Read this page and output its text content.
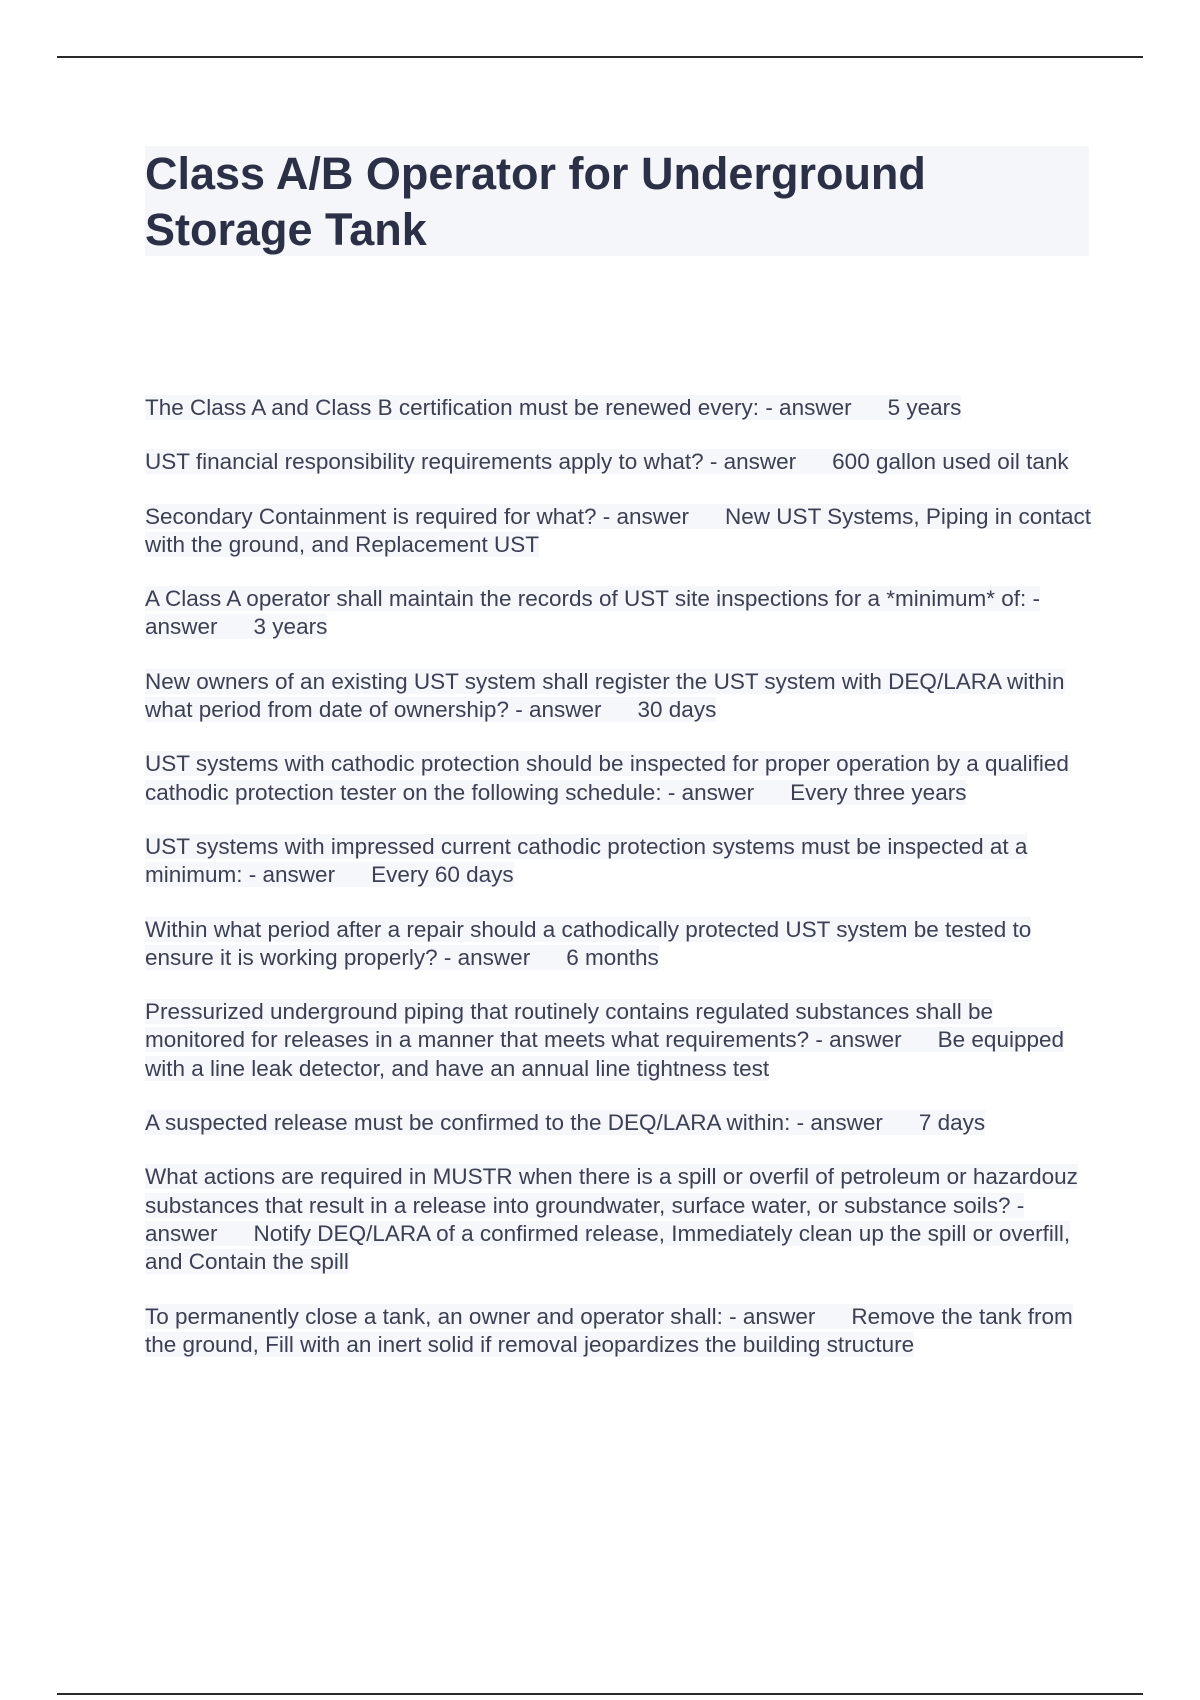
Class A/B Operator for Underground Storage Tank

The Class A and Class B certification must be renewed every: - answer 5 years

UST financial responsibility requirements apply to what? - answer 600 gallon used oil tank

Secondary Containment is required for what? - answer New UST Systems, Piping in contact with the ground, and Replacement UST

A Class A operator shall maintain the records of UST site inspections for a *minimum* of: - answer 3 years

New owners of an existing UST system shall register the UST system with DEQ/LARA within what period from date of ownership? - answer 30 days

UST systems with cathodic protection should be inspected for proper operation by a qualified cathodic protection tester on the following schedule: - answer Every three years

UST systems with impressed current cathodic protection systems must be inspected at a minimum: - answer Every 60 days

Within what period after a repair should a cathodically protected UST system be tested to ensure it is working properly? - answer 6 months

Pressurized underground piping that routinely contains regulated substances shall be monitored for releases in a manner that meets what requirements? - answer Be equipped with a line leak detector, and have an annual line tightness test

A suspected release must be confirmed to the DEQ/LARA within: - answer 7 days

What actions are required in MUSTR when there is a spill or overfil of petroleum or hazardouz substances that result in a release into groundwater, surface water, or substance soils? - answer Notify DEQ/LARA of a confirmed release, Immediately clean up the spill or overfill, and Contain the spill

To permanently close a tank, an owner and operator shall: - answer Remove the tank from the ground, Fill with an inert solid if removal jeopardizes the building structure
